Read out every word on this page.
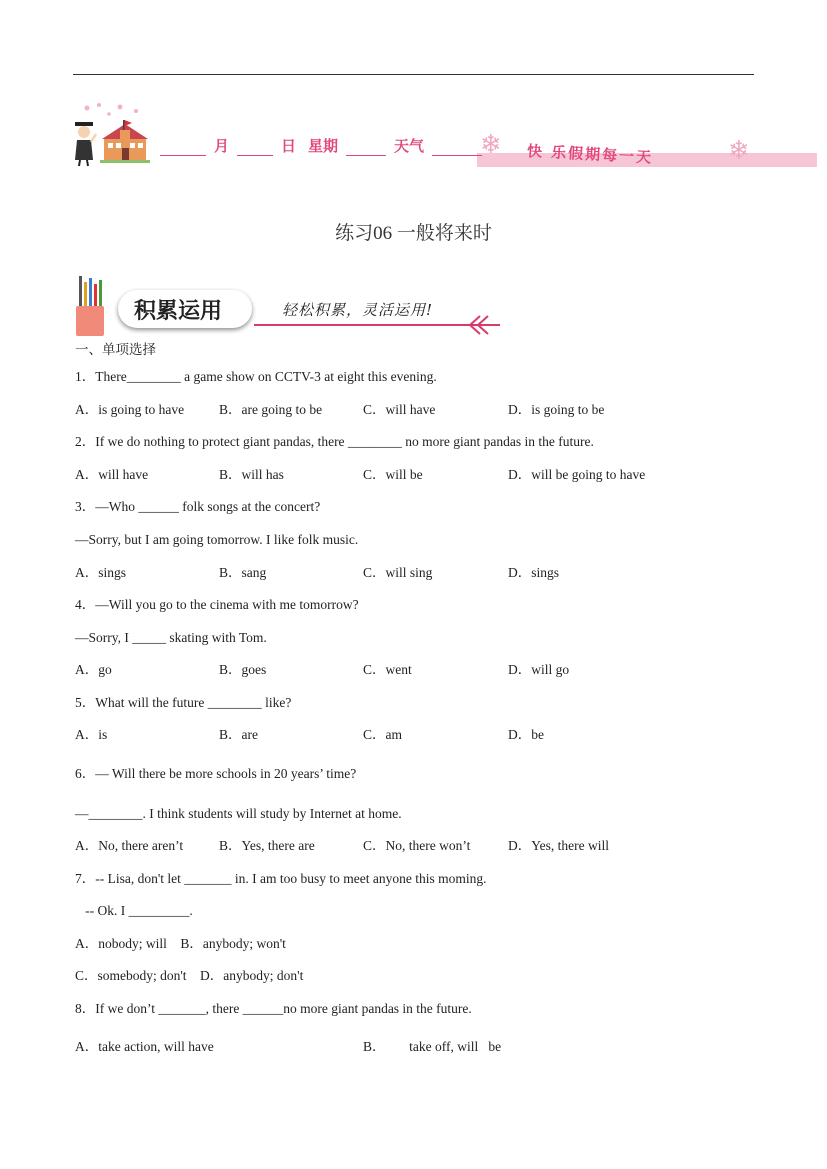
月	日 星期	天气 ❄ 快 乐假期每一天	❄
练习06 一般将来时
积累运用	轻松积累，灵活运用!
一、单项选择
1．There________ a game show on CCTV-3 at eight this evening.
A．is going to have	B．are going to be	C．will have	D．is going to be
2．If we do nothing to protect giant pandas, there ________ no more giant pandas in the future.
A．will have	B．will has	C．will be	D．will be going to have
3．—Who ______ folk songs at the concert?
—Sorry, but I am going tomorrow. I like folk music.
A．sings	B．sang	C．will sing	D．sings
4．—Will you go to the cinema with me tomorrow?
—Sorry, I _____ skating with Tom.
A．go	B．goes	C．went	D．will go
5．What will the future ________ like?
A．is	B．are	C．am	D．be
6．— Will there be more schools in 20 years’ time?
—________. I think students will study by Internet at home.
A．No, there aren’t	B．Yes, there are	C．No, there won’t	D．Yes, there will
7．-- Lisa, don't let _______ in. I am too busy to meet anyone this moming.
-- Ok. I _________.
A．nobody; will    B．anybody; won't
C．somebody; don't    D．anybody; don't
8．If we don’t _______, there ______no more giant pandas in the future.
A．take action, will have	B．       take off, will   be
